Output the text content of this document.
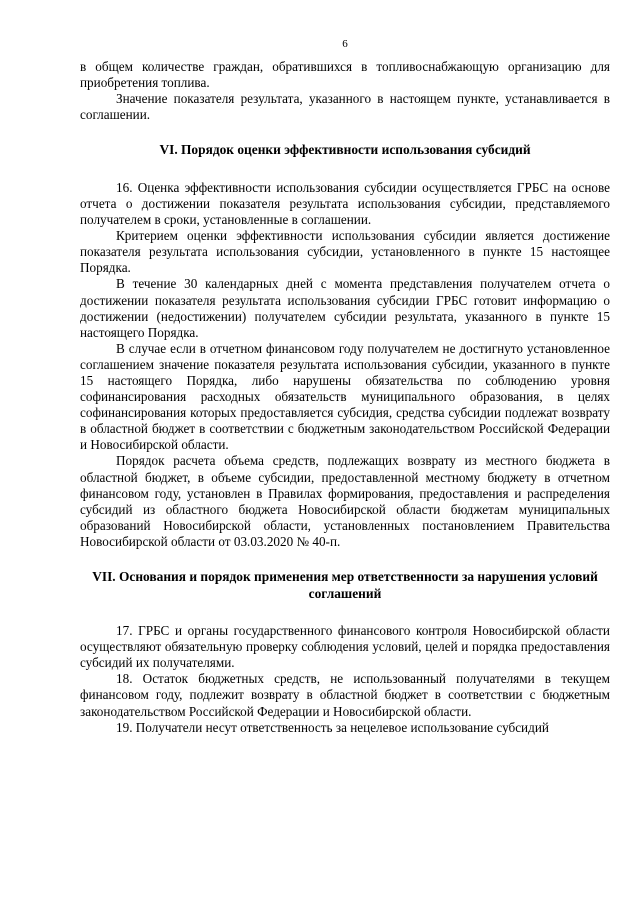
6

в общем количестве граждан, обратившихся в топливоснабжающую организацию для приобретения топлива.

Значение показателя результата, указанного в настоящем пункте, устанавливается в соглашении.

VI. Порядок оценки эффективности использования субсидий

16. Оценка эффективности использования субсидии осуществляется ГРБС на основе отчета о достижении показателя результата использования субсидии, представляемого получателем в сроки, установленные в соглашении.

Критерием оценки эффективности использования субсидии является достижение показателя результата использования субсидии, установленного в пункте 15 настоящее Порядка.

В течение 30 календарных дней с момента представления получателем отчета о достижении показателя результата использования субсидии ГРБС готовит информацию о достижении (недостижении) получателем субсидии результата, указанного в пункте 15 настоящего Порядка.

В случае если в отчетном финансовом году получателем не достигнуто установленное соглашением значение показателя результата использования субсидии, указанного в пункте 15 настоящего Порядка, либо нарушены обязательства по соблюдению уровня софинансирования расходных обязательств муниципального образования, в целях софинансирования которых предоставляется субсидия, средства субсидии подлежат возврату в областной бюджет в соответствии с бюджетным законодательством Российской Федерации и Новосибирской области.

Порядок расчета объема средств, подлежащих возврату из местного бюджета в областной бюджет, в объеме субсидии, предоставленной местному бюджету в отчетном финансовом году, установлен в Правилах формирования, предоставления и распределения субсидий из областного бюджета Новосибирской области бюджетам муниципальных образований Новосибирской области, установленных постановлением Правительства Новосибирской области от 03.03.2020 № 40-п.

VII. Основания и порядок применения мер ответственности за нарушения условий соглашений

17. ГРБС и органы государственного финансового контроля Новосибирской области осуществляют обязательную проверку соблюдения условий, целей и порядка предоставления субсидий их получателями.

18. Остаток бюджетных средств, не использованный получателями в текущем финансовом году, подлежит возврату в областной бюджет в соответствии с бюджетным законодательством Российской Федерации и Новосибирской области.

19. Получатели несут ответственность за нецелевое использование субсидий
